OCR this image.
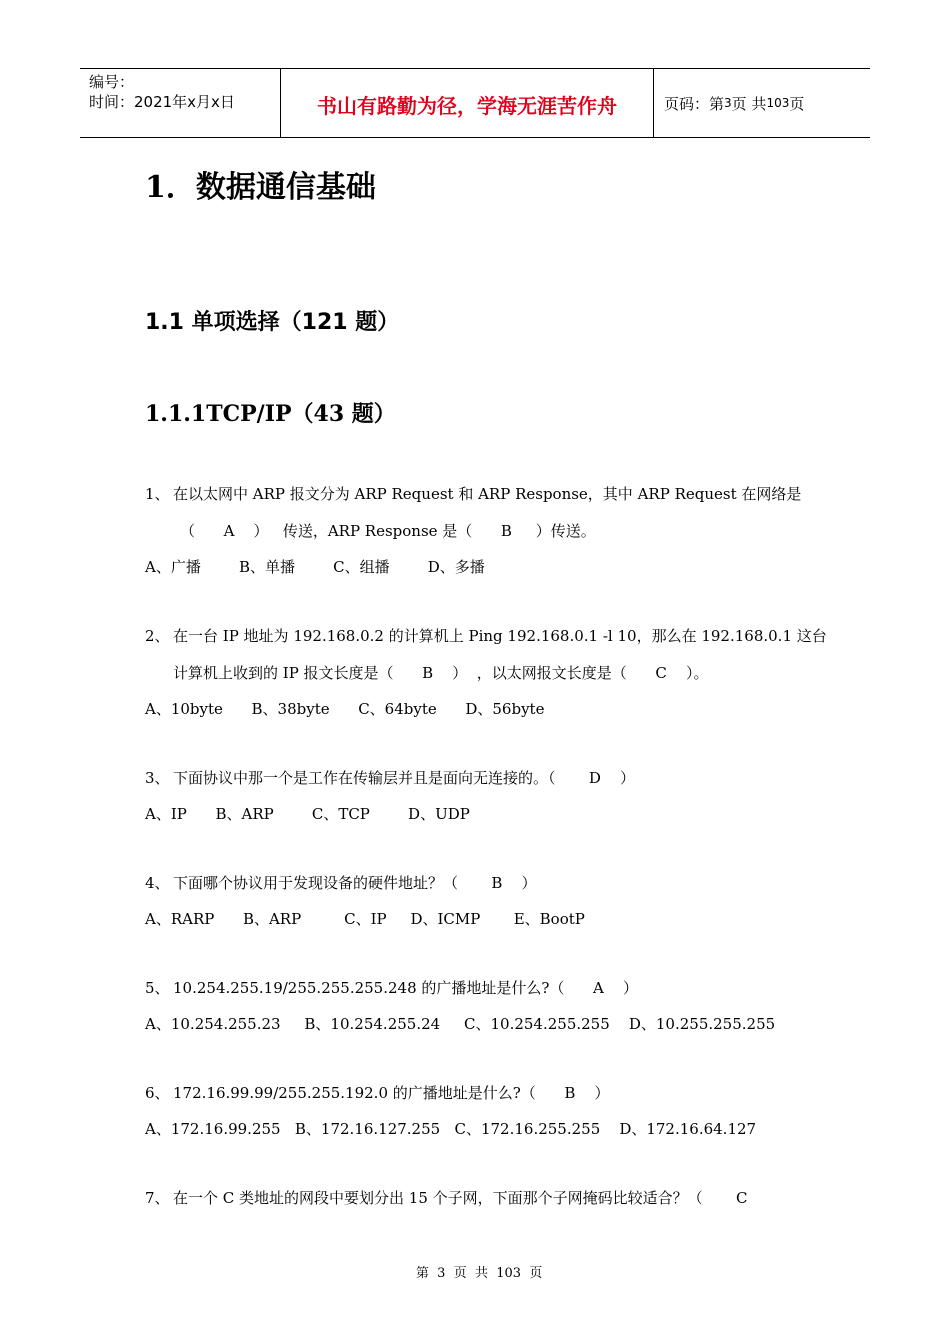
编号：
时间：2021年x月x日	书山有路勤为径，学海无涯苦作舟	页码：第 3 页 共 103 页
1．数据通信基础
1.1 单项选择（121 题）
1.1.1TCP/IP（43 题）
1、 在以太网中 ARP 报文分为 ARP Request 和 ARP Response，其中 ARP Request 在网络是
（      A    ）   传送，ARP Response 是（      B     ）传送。
A、广播        B、单播        C、组播        D、多播
2、 在一台 IP 地址为 192.168.0.2 的计算机上 Ping 192.168.0.1 -l 10，那么在 192.168.0.1 这台
计算机上收到的 IP 报文长度是（      B    ）  ，以太网报文长度是（      C    ）。
A、10byte      B、38byte      C、64byte      D、56byte
3、 下面协议中那一个是工作在传输层并且是面向无连接的。（       D    ）
A、IP      B、ARP        C、TCP        D、UDP
4、 下面哪个协议用于发现设备的硬件地址？（       B    ）
A、RARP      B、ARP         C、IP     D、ICMP       E、BootP
5、 10.254.255.19/255.255.255.248 的广播地址是什么?（      A    ）
A、10.254.255.23     B、10.254.255.24     C、10.254.255.255    D、10.255.255.255
6、 172.16.99.99/255.255.192.0 的广播地址是什么?（      B    ）
A、172.16.99.255   B、172.16.127.255   C、172.16.255.255    D、172.16.64.127
7、 在一个 C 类地址的网段中要划分出 15 个子网，下面那个子网掩码比较适合？（       C

第  3  页  共  103  页
